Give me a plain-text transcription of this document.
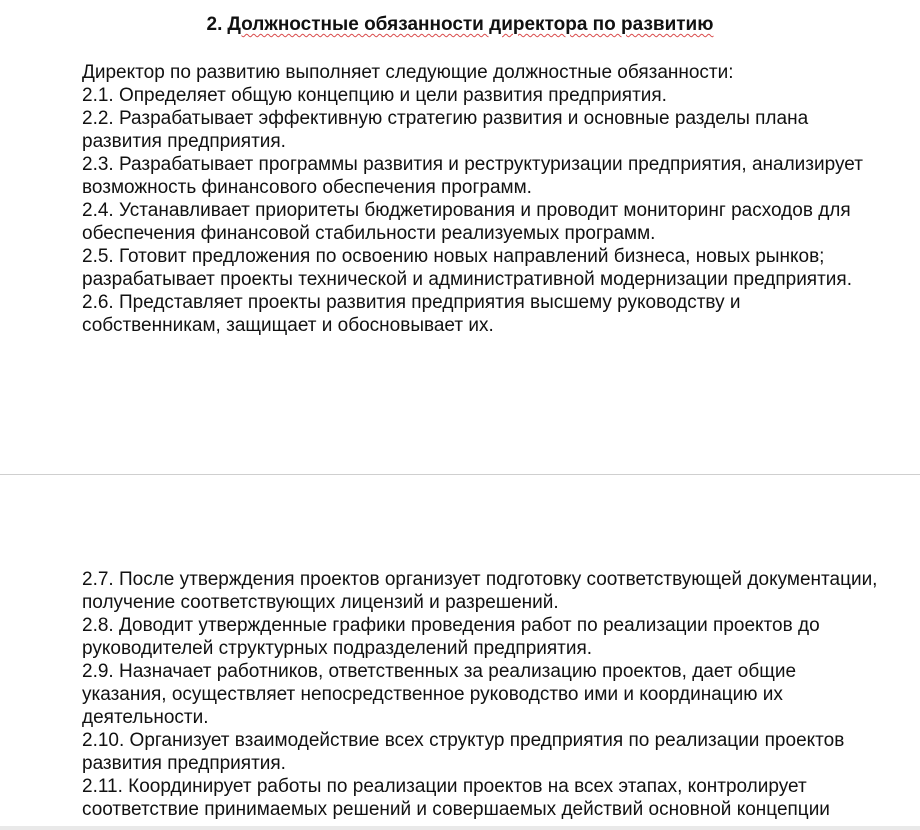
2. Должностные обязанности директора по развитию

Директор по развитию выполняет следующие должностные обязанности:

2.1. Определяет общую концепцию и цели развития предприятия.

2.2. Разрабатывает эффективную стратегию развития и основные разделы плана развития предприятия.

2.3. Разрабатывает программы развития и реструктуризации предприятия, анализирует возможность финансового обеспечения программ.

2.4. Устанавливает приоритеты бюджетирования и проводит мониторинг расходов для обеспечения финансовой стабильности реализуемых программ.

2.5. Готовит предложения по освоению новых направлений бизнеса, новых рынков; разрабатывает проекты технической и административной модернизации предприятия.

2.6. Представляет проекты развития предприятия высшему руководству и собственникам, защищает и обосновывает их.

2.7. После утверждения проектов организует подготовку соответствующей документации, получение соответствующих лицензий и разрешений.

2.8. Доводит утвержденные графики проведения работ по реализации проектов до руководителей структурных подразделений предприятия.

2.9. Назначает работников, ответственных за реализацию проектов, дает общие указания, осуществляет непосредственное руководство ими и координацию их деятельности.

2.10. Организует взаимодействие всех структур предприятия по реализации проектов развития предприятия.

2.11. Координирует работы по реализации проектов на всех этапах, контролирует соответствие принимаемых решений и совершаемых действий основной концепции
